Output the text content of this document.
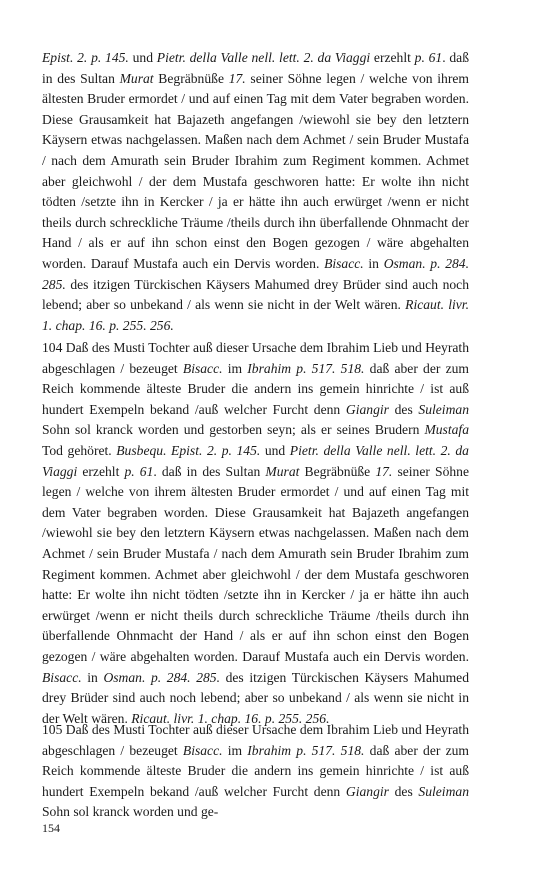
Epist. 2. p. 145. und Pietr. della Valle nell. lett. 2. da Viaggi erzehlt p. 61. daß in des Sultan Murat Begräbnüße 17. seiner Söhne legen / welche von ihrem ältesten Bruder ermordet / und auf einen Tag mit dem Vater begraben worden. Diese Grausamkeit hat Bajazeth angefangen /wiewohl sie bey den letztern Käysern etwas nachgelassen. Maßen nach dem Achmet / sein Bruder Mustafa / nach dem Amurath sein Bruder Ibrahim zum Regiment kommen. Achmet aber gleichwohl / der dem Mustafa geschworen hatte: Er wolte ihn nicht tödten /setzte ihn in Kercker / ja er hätte ihn auch erwürget /wenn er nicht theils durch schreckliche Träume /theils durch ihn überfallende Ohnmacht der Hand / als er auf ihn schon einst den Bogen gezogen / wäre abgehalten worden. Darauf Mustafa auch ein Dervis worden. Bisacc. in Osman. p. 284. 285. des itzigen Türckischen Käysers Mahumed drey Brüder sind auch noch lebend; aber so unbekand / als wenn sie nicht in der Welt wären. Ricaut. livr. 1. chap. 16. p. 255. 256.
104 Daß des Musti Tochter auß dieser Ursache dem Ibrahim Lieb und Heyrath abgeschlagen / bezeuget Bisacc. im Ibrahim p. 517. 518. daß aber der zum Reich kommende älteste Bruder die andern ins gemein hinrichte / ist auß hundert Exempeln bekand /auß welcher Furcht denn Giangir des Suleiman Sohn sol kranck worden und gestorben seyn; als er seines Brudern Mustafa Tod gehöret. Busbequ. Epist. 2. p. 145. und Pietr. della Valle nell. lett. 2. da Viaggi erzehlt p. 61. daß in des Sultan Murat Begräbnüße 17. seiner Söhne legen / welche von ihrem ältesten Bruder ermordet / und auf einen Tag mit dem Vater begraben worden. Diese Grausamkeit hat Bajazeth angefangen /wiewohl sie bey den letztern Käysern etwas nachgelassen. Maßen nach dem Achmet / sein Bruder Mustafa / nach dem Amurath sein Bruder Ibrahim zum Regiment kommen. Achmet aber gleichwohl / der dem Mustafa geschworen hatte: Er wolte ihn nicht tödten /setzte ihn in Kercker / ja er hätte ihn auch erwürget /wenn er nicht theils durch schreckliche Träume /theils durch ihn überfallende Ohnmacht der Hand / als er auf ihn schon einst den Bogen gezogen / wäre abgehalten worden. Darauf Mustafa auch ein Dervis worden. Bisacc. in Osman. p. 284. 285. des itzigen Türckischen Käysers Mahumed drey Brüder sind auch noch lebend; aber so unbekand / als wenn sie nicht in der Welt wären. Ricaut. livr. 1. chap. 16. p. 255. 256.
105 Daß des Musti Tochter auß dieser Ursache dem Ibrahim Lieb und Heyrath abgeschlagen / bezeuget Bisacc. im Ibrahim p. 517. 518. daß aber der zum Reich kommende älteste Bruder die andern ins gemein hinrichte / ist auß hundert Exempeln bekand /auß welcher Furcht denn Giangir des Suleiman Sohn sol kranck worden und ge-
154
